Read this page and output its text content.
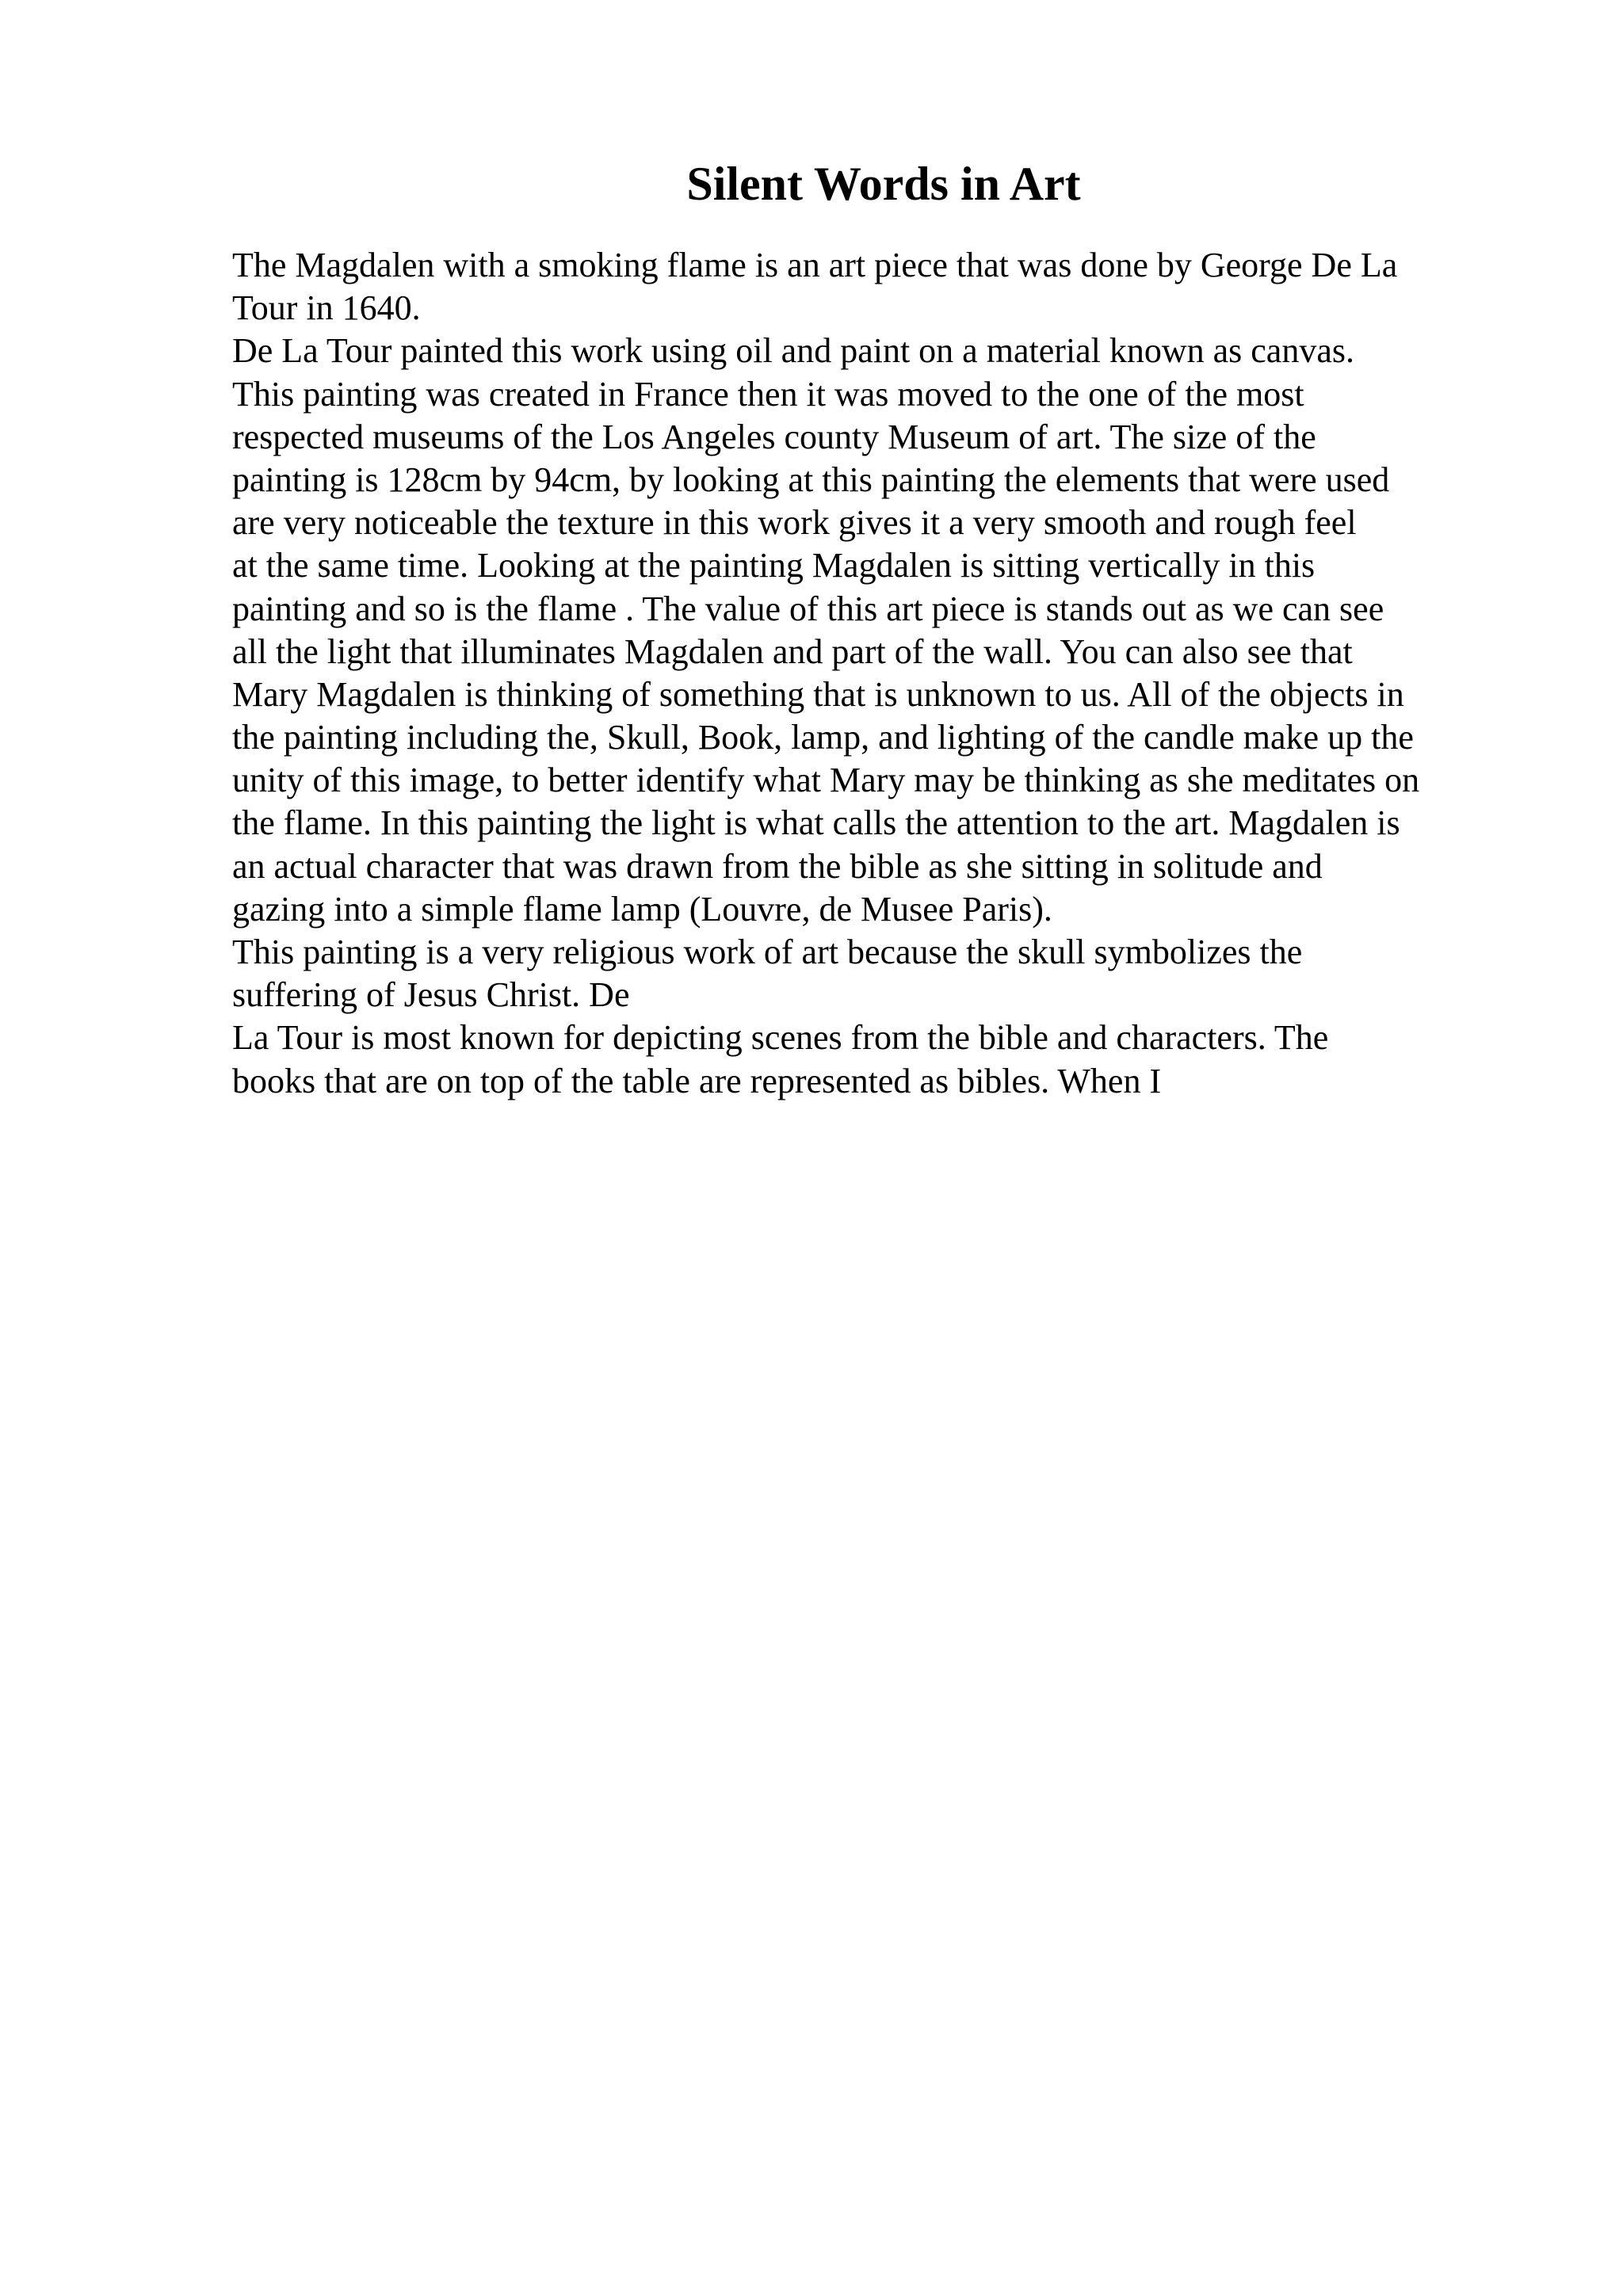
Silent Words in Art
The Magdalen with a smoking flame is an art piece that was done by George De La
Tour in 1640.
De La Tour painted this work using oil and paint on a material known as canvas.
This painting was created in France then it was moved to the one of the most
respected museums of the Los Angeles county Museum of art. The size of the
painting is 128cm by 94cm, by looking at this painting the elements that were used
are very noticeable the texture in this work gives it a very smooth and rough feel
at the same time. Looking at the painting Magdalen is sitting vertically in this
painting and so is the flame . The value of this art piece is stands out as we can see
all the light that illuminates Magdalen and part of the wall. You can also see that
Mary Magdalen is thinking of something that is unknown to us. All of the objects in
the painting including the, Skull, Book, lamp, and lighting of the candle make up the
unity of this image, to better identify what Mary may be thinking as she meditates on
the flame. In this painting the light is what calls the attention to the art. Magdalen is
an actual character that was drawn from the bible as she sitting in solitude and
gazing into a simple flame lamp (Louvre, de Musee Paris).
This painting is a very religious work of art because the skull symbolizes the
suffering of Jesus Christ. De
La Tour is most known for depicting scenes from the bible and characters. The
books that are on top of the table are represented as bibles. When I
